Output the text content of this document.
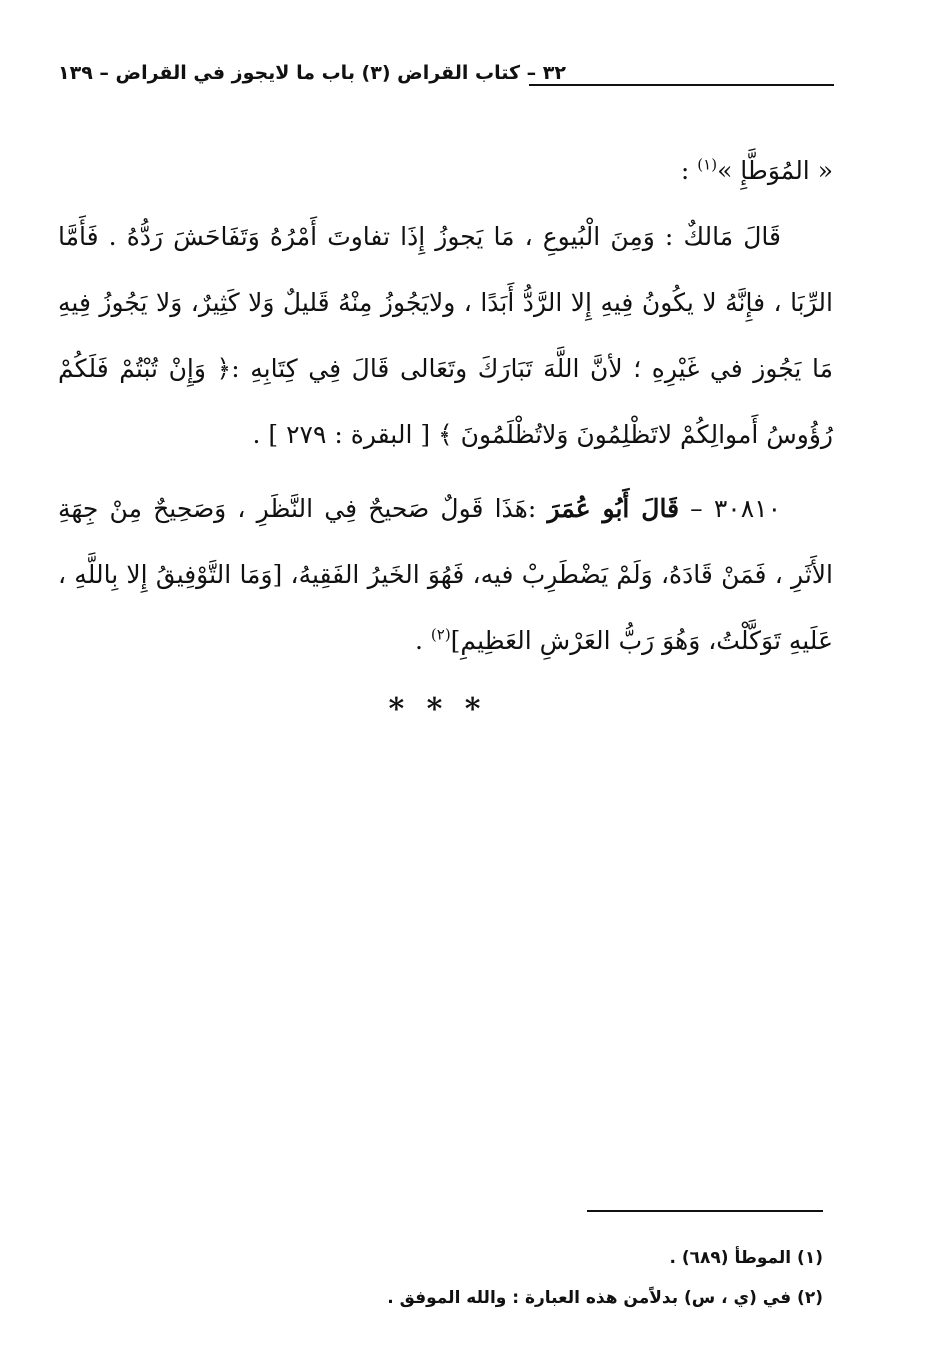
٣٢ – كتاب القراض (٣) باب ما لايجوز في القراض – ١٣٩

« المُوَطَّإِ »$^{(١)}$ :

قَالَ مَالكٌ : وَمِنَ الْبُيوعِ ، مَا يَجوزُ إِذَا تفاوتَ أَمْرُهُ وَتَفَاحَشَ رَدُّهُ . فَأَمَّا الرِّبَا ، فإِنَّهُ لا يكُونُ فِيهِ إِلا الرَّدُّ أَبَدًا ، ولايَجُوزُ مِنْهُ قَليلٌ وَلا كَثِيرٌ، وَلا يَجُوزُ فِيهِ مَا يَجُوز في غَيْرِهِ ؛ لأنَّ اللَّهَ تَبَارَكَ وتَعَالى قَالَ فِي كِتَابِهِ :﴿ وَإِنْ تُبْتُمْ فَلَكُمْ رُؤُوسُ أَموالِكُمْ لاتَظْلِمُونَ وَلاتُظْلَمُونَ ﴾ [ البقرة : ٢٧٩ ] .

٣٠٨١٠ – قَالَ أَبُو عُمَرَ :هَذَا قَولٌ صَحيحٌ فِي النَّظَرِ ، وَصَحِيحٌ مِنْ جِهَةِ الأَثَرِ ، فَمَنْ قَادَهُ، وَلَمْ يَضْطَرِبْ فيه، فَهُوَ الخَيرُ الفَقِيهُ، [وَمَا التَّوْفِيقُ إِلا بِاللَّهِ ، عَلَيهِ تَوَكَّلْتُ، وَهُوَ رَبُّ العَرْشِ العَظِيمِ]$^{(٢)}$ .

* * *
(١) الموطأ (٦٨٩) .
(٢) في (ي ، س) بدلاًمن هذه العبارة : والله الموفق .
